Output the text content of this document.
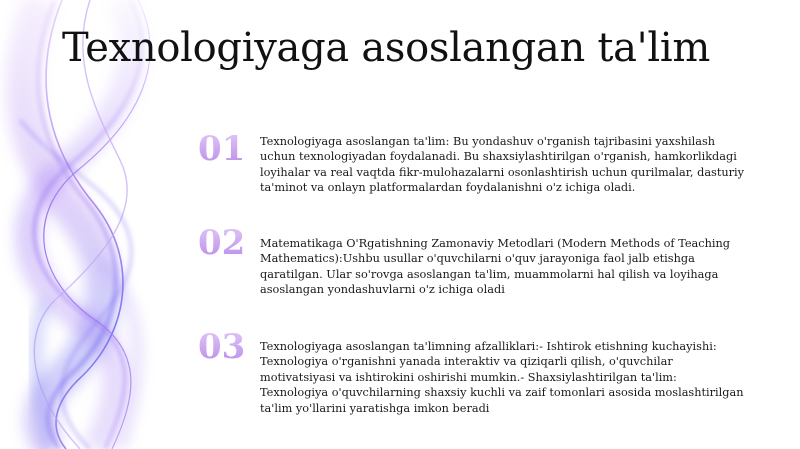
Texnologiyaga asoslangan ta'lim
01	Texnologiyaga asoslangan ta'lim: Bu yondashuv o'rganish tajribasini yaxshilash uchun texnologiyadan foydalanadi. Bu shaxsiylashtirilgan o'rganish, hamkorlikdagi loyihalar va real vaqtda fikr-mulohazalarni osonlashtirish uchun qurilmalar, dasturiy ta'minot va onlayn platformalardan foydalanishni o'z ichiga oladi.
02	Matematikaga O'Rgatishning Zamonaviy Metodlari (Modern Methods of Teaching Mathematics):Ushbu usullar o'quvchilarni o'quv jarayoniga faol jalb etishga qaratilgan. Ular so'rovga asoslangan ta'lim, muammolarni hal qilish va loyihaga asoslangan yondashuvlarni o'z ichiga oladi
03	Texnologiyaga asoslangan ta'limning afzalliklari:- Ishtirok etishning kuchayishi: Texnologiya o'rganishni yanada interaktiv va qiziqarli qilish, o'quvchilar motivatsiyasi va ishtirokini oshirishi mumkin.- Shaxsiylashtirilgan ta'lim: Texnologiya o'quvchilarning shaxsiy kuchli va zaif tomonlari asosida moslashtirilgan ta'lim yo'llarini yaratishga imkon beradi
